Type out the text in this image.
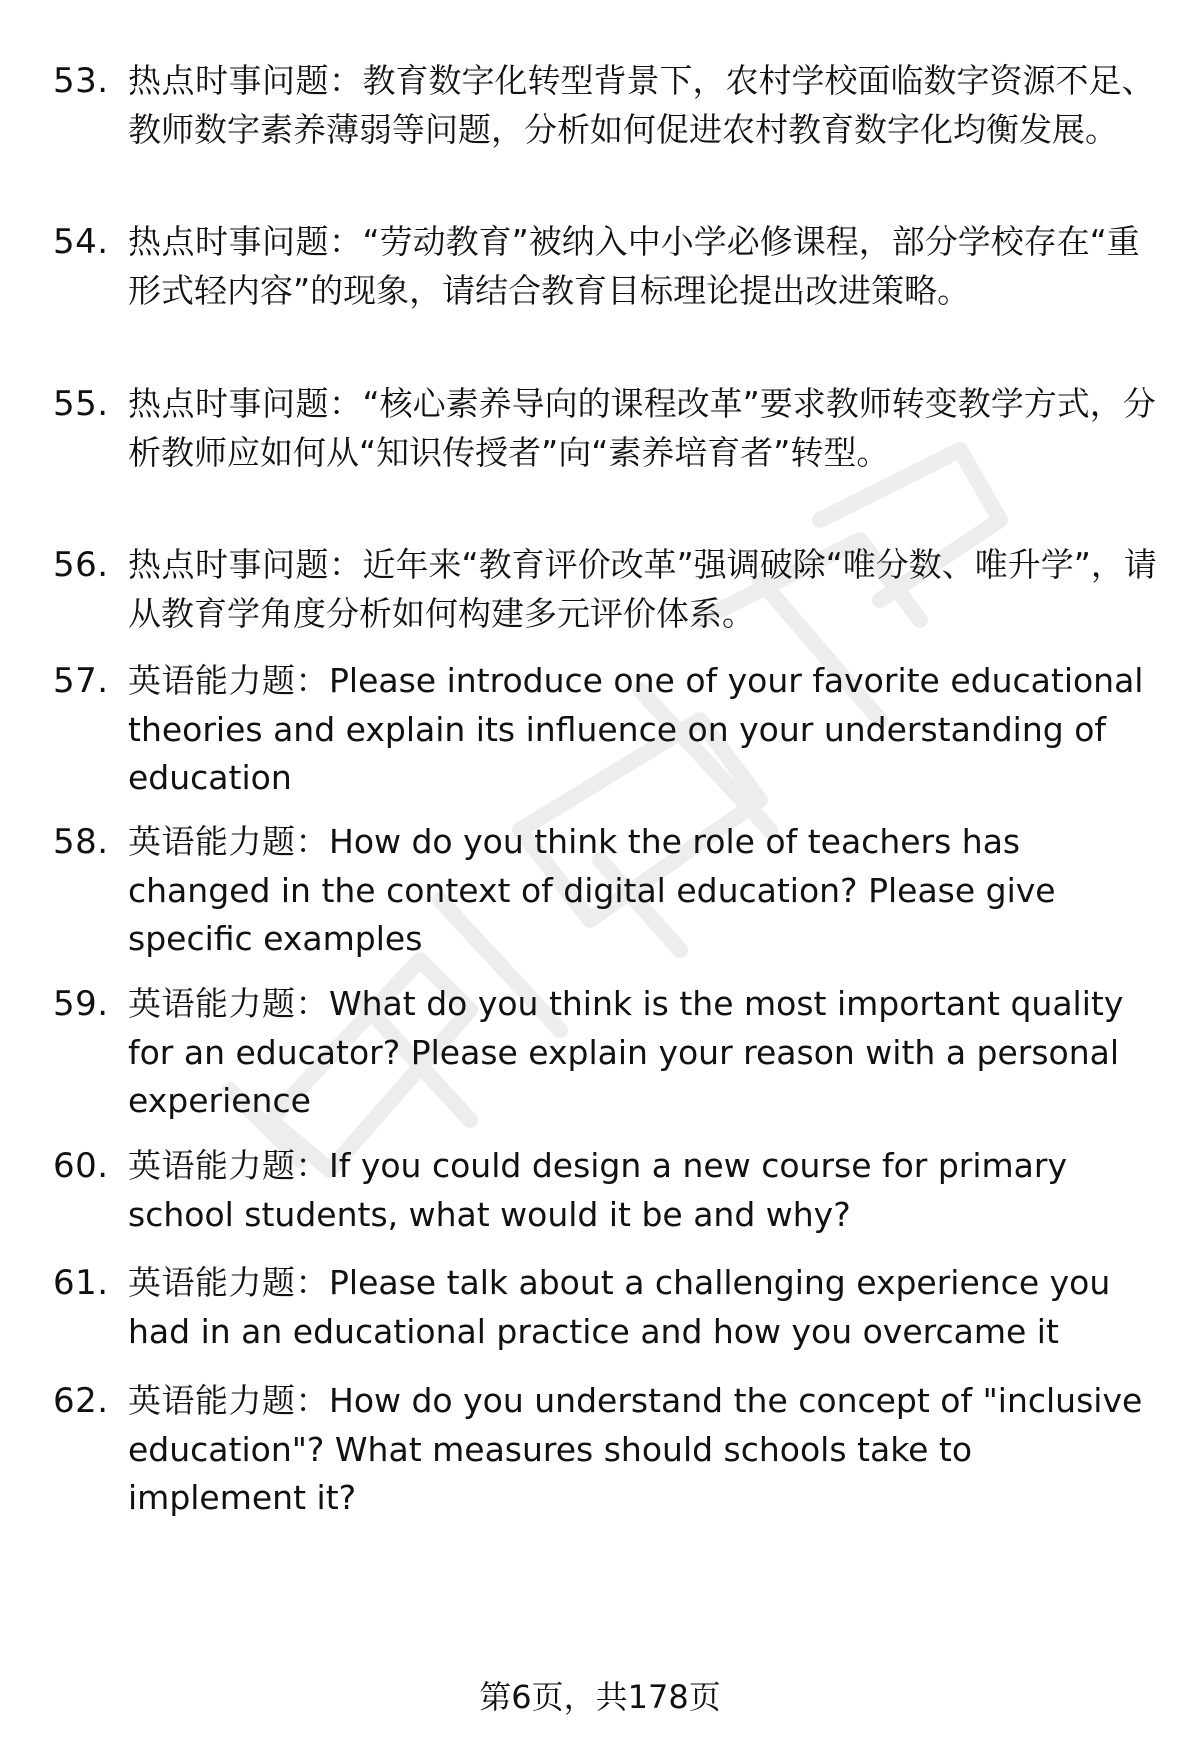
53. 热点时事问题：教育数字化转型背景下，农村学校面临数字资源不足、教师数字素养薄弱等问题，分析如何促进农村教育数字化均衡发展。
54. 热点时事问题：“劳动教育”被纳入中小学必修课程，部分学校存在“重形式轻内容”的现象，请结合教育目标理论提出改进策略。
55. 热点时事问题：“核心素养导向的课程改革”要求教师转变教学方式，分析教师应如何从“知识传授者”向“素养培育者”转型。
56. 热点时事问题：近年来“教育评价改革”强调破除“唯分数、唯升学”，请从教育学角度分析如何构建多元评价体系。
57. 英语能力题：Please introduce one of your favorite educational theories and explain its influence on your understanding of education
58. 英语能力题：How do you think the role of teachers has changed in the context of digital education? Please give specific examples
59. 英语能力题：What do you think is the most important quality for an educator? Please explain your reason with a personal experience
60. 英语能力题：If you could design a new course for primary school students, what would it be and why?
61. 英语能力题：Please talk about a challenging experience you had in an educational practice and how you overcame it
62. 英语能力题：How do you understand the concept of "inclusive education"? What measures should schools take to implement it?
第6页，共178页
